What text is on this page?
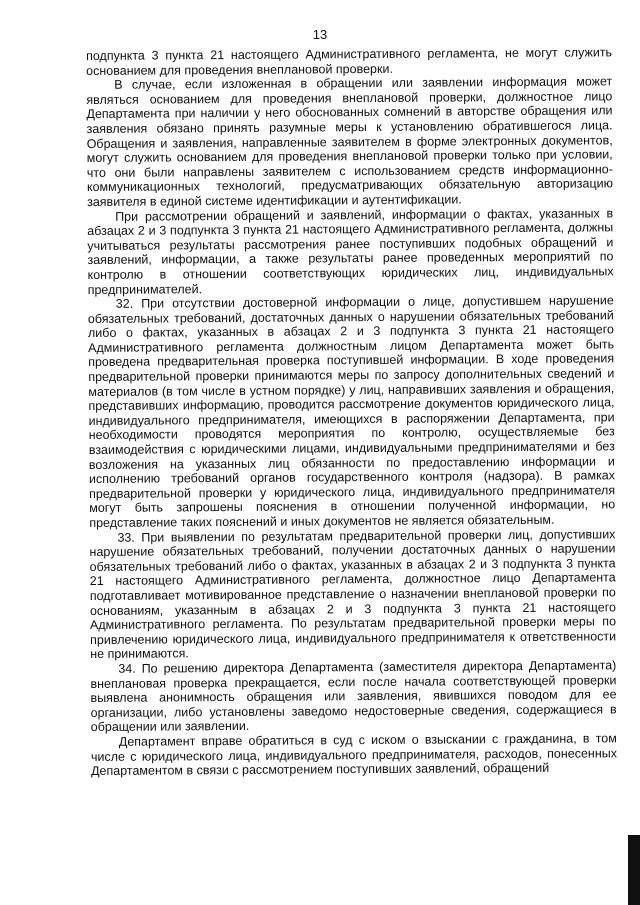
13

подпункта 3 пункта 21 настоящего Административного регламента, не могут служить основанием для проведения внеплановой проверки.

В случае, если изложенная в обращении или заявлении информация может являться основанием для проведения внеплановой проверки, должностное лицо Департамента при наличии у него обоснованных сомнений в авторстве обращения или заявления обязано принять разумные меры к установлению обратившегося лица. Обращения и заявления, направленные заявителем в форме электронных документов, могут служить основанием для проведения внеплановой проверки только при условии, что они были направлены заявителем с использованием средств информационно-коммуникационных технологий, предусматривающих обязательную авторизацию заявителя в единой системе идентификации и аутентификации.

При рассмотрении обращений и заявлений, информации о фактах, указанных в абзацах 2 и 3 подпункта 3 пункта 21 настоящего Административного регламента, должны учитываться результаты рассмотрения ранее поступивших подобных обращений и заявлений, информации, а также результаты ранее проведенных мероприятий по контролю в отношении соответствующих юридических лиц, индивидуальных предпринимателей.

32. При отсутствии достоверной информации о лице, допустившем нарушение обязательных требований, достаточных данных о нарушении обязательных требований либо о фактах, указанных в абзацах 2 и 3 подпункта 3 пункта 21 настоящего Административного регламента должностным лицом Департамента может быть проведена предварительная проверка поступившей информации. В ходе проведения предварительной проверки принимаются меры по запросу дополнительных сведений и материалов (в том числе в устном порядке) у лиц, направивших заявления и обращения, представивших информацию, проводится рассмотрение документов юридического лица, индивидуального предпринимателя, имеющихся в распоряжении Департамента, при необходимости проводятся мероприятия по контролю, осуществляемые без взаимодействия с юридическими лицами, индивидуальными предпринимателями и без возложения на указанных лиц обязанности по предоставлению информации и исполнению требований органов государственного контроля (надзора). В рамках предварительной проверки у юридического лица, индивидуального предпринимателя могут быть запрошены пояснения в отношении полученной информации, но представление таких пояснений и иных документов не является обязательным.

33. При выявлении по результатам предварительной проверки лиц, допустивших нарушение обязательных требований, получении достаточных данных о нарушении обязательных требований либо о фактах, указанных в абзацах 2 и 3 подпункта 3 пункта 21 настоящего Административного регламента, должностное лицо Департамента подготавливает мотивированное представление о назначении внеплановой проверки по основаниям, указанным в абзацах 2 и 3 подпункта 3 пункта 21 настоящего Административного регламента. По результатам предварительной проверки меры по привлечению юридического лица, индивидуального предпринимателя к ответственности не принимаются.

34. По решению директора Департамента (заместителя директора Департамента) внеплановая проверка прекращается, если после начала соответствующей проверки выявлена анонимность обращения или заявления, явившихся поводом для ее организации, либо установлены заведомо недостоверные сведения, содержащиеся в обращении или заявлении.

Департамент вправе обратиться в суд с иском о взыскании с гражданина, в том числе с юридического лица, индивидуального предпринимателя, расходов, понесенных Департаментом в связи с рассмотрением поступивших заявлений, обращений
